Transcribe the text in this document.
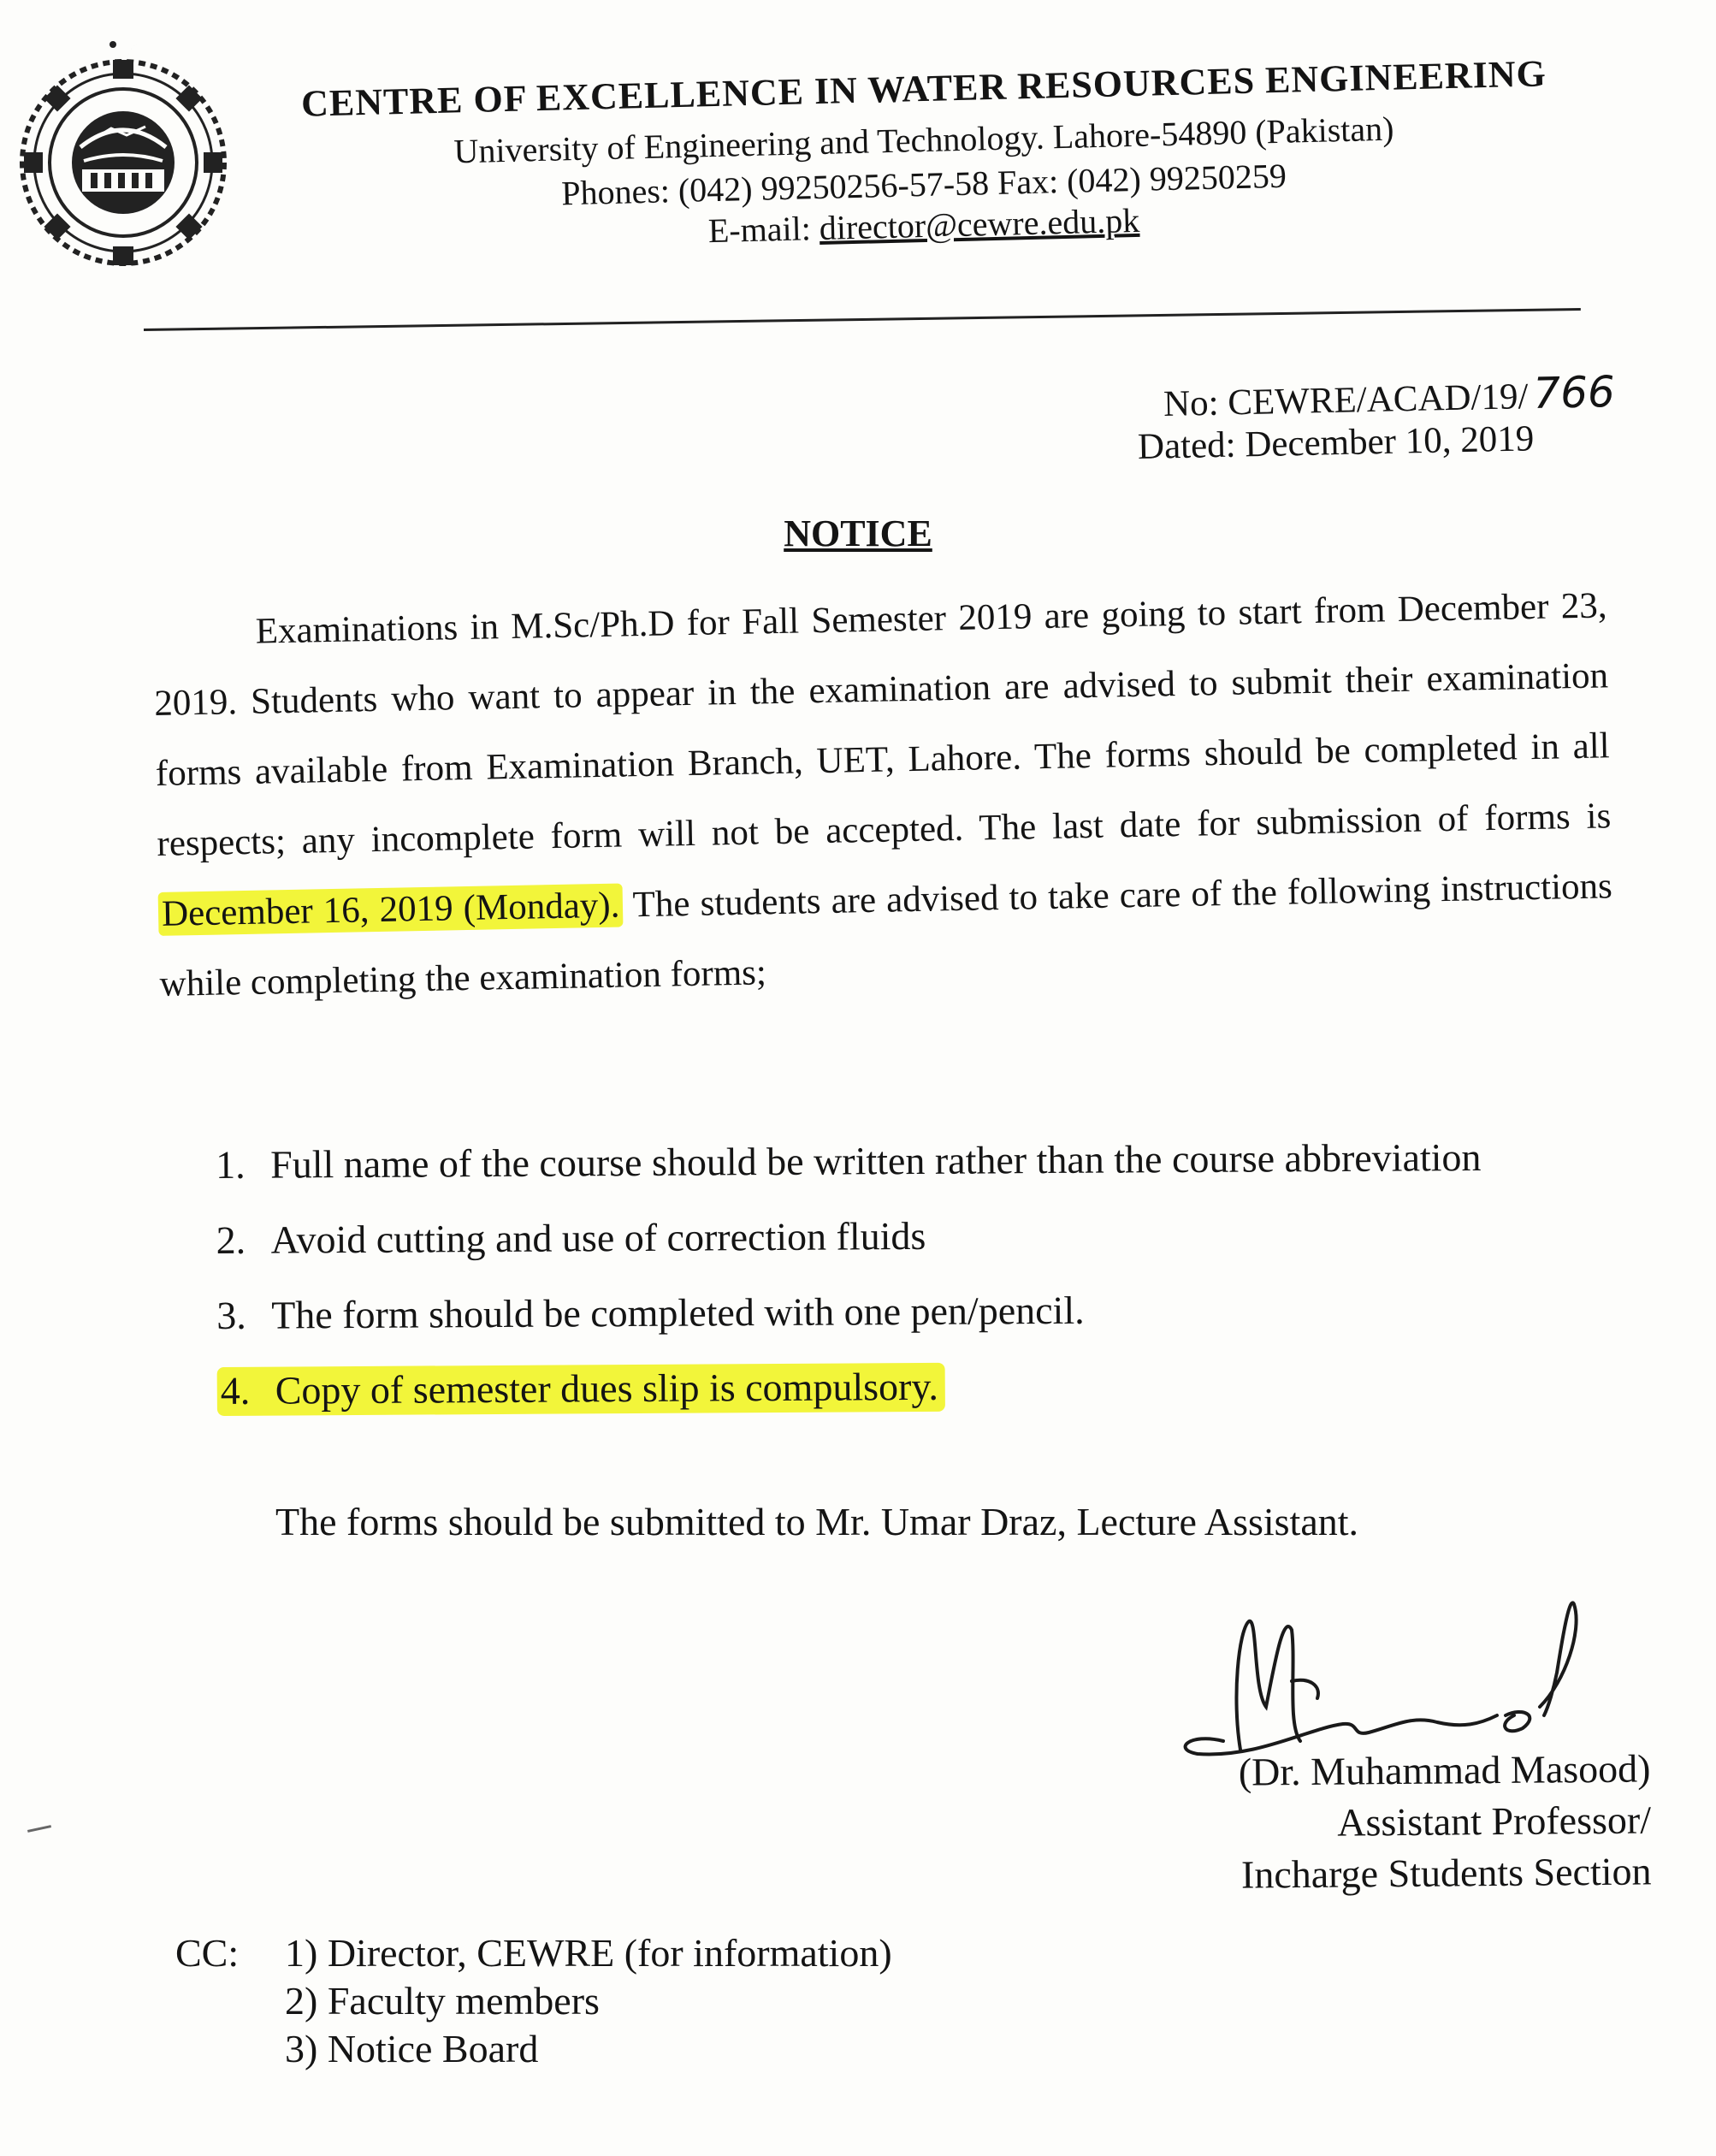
CENTRE OF EXCELLENCE IN WATER RESOURCES ENGINEERING
University of Engineering and Technology. Lahore-54890 (Pakistan)
Phones: (042) 99250256-57-58 Fax: (042) 99250259
E-mail: director@cewre.edu.pk
No: CEWRE/ACAD/19/766
Dated: December 10, 2019
NOTICE

Examinations in M.Sc/Ph.D for Fall Semester 2019 are going to start from December 23, 2019. Students who want to appear in the examination are advised to submit their examination forms available from Examination Branch, UET, Lahore. The forms should be completed in all respects; any incomplete form will not be accepted. The last date for submission of forms is December 16, 2019 (Monday). The students are advised to take care of the following instructions while completing the examination forms;

1. Full name of the course should be written rather than the course abbreviation
2. Avoid cutting and use of correction fluids
3. The form should be completed with one pen/pencil.
4. Copy of semester dues slip is compulsory.
The forms should be submitted to Mr. Umar Draz, Lecture Assistant.
(Dr. Muhammad Masood)
Assistant Professor/
Incharge Students Section
CC:	1) Director, CEWRE (for information)
2) Faculty members
3) Notice Board
